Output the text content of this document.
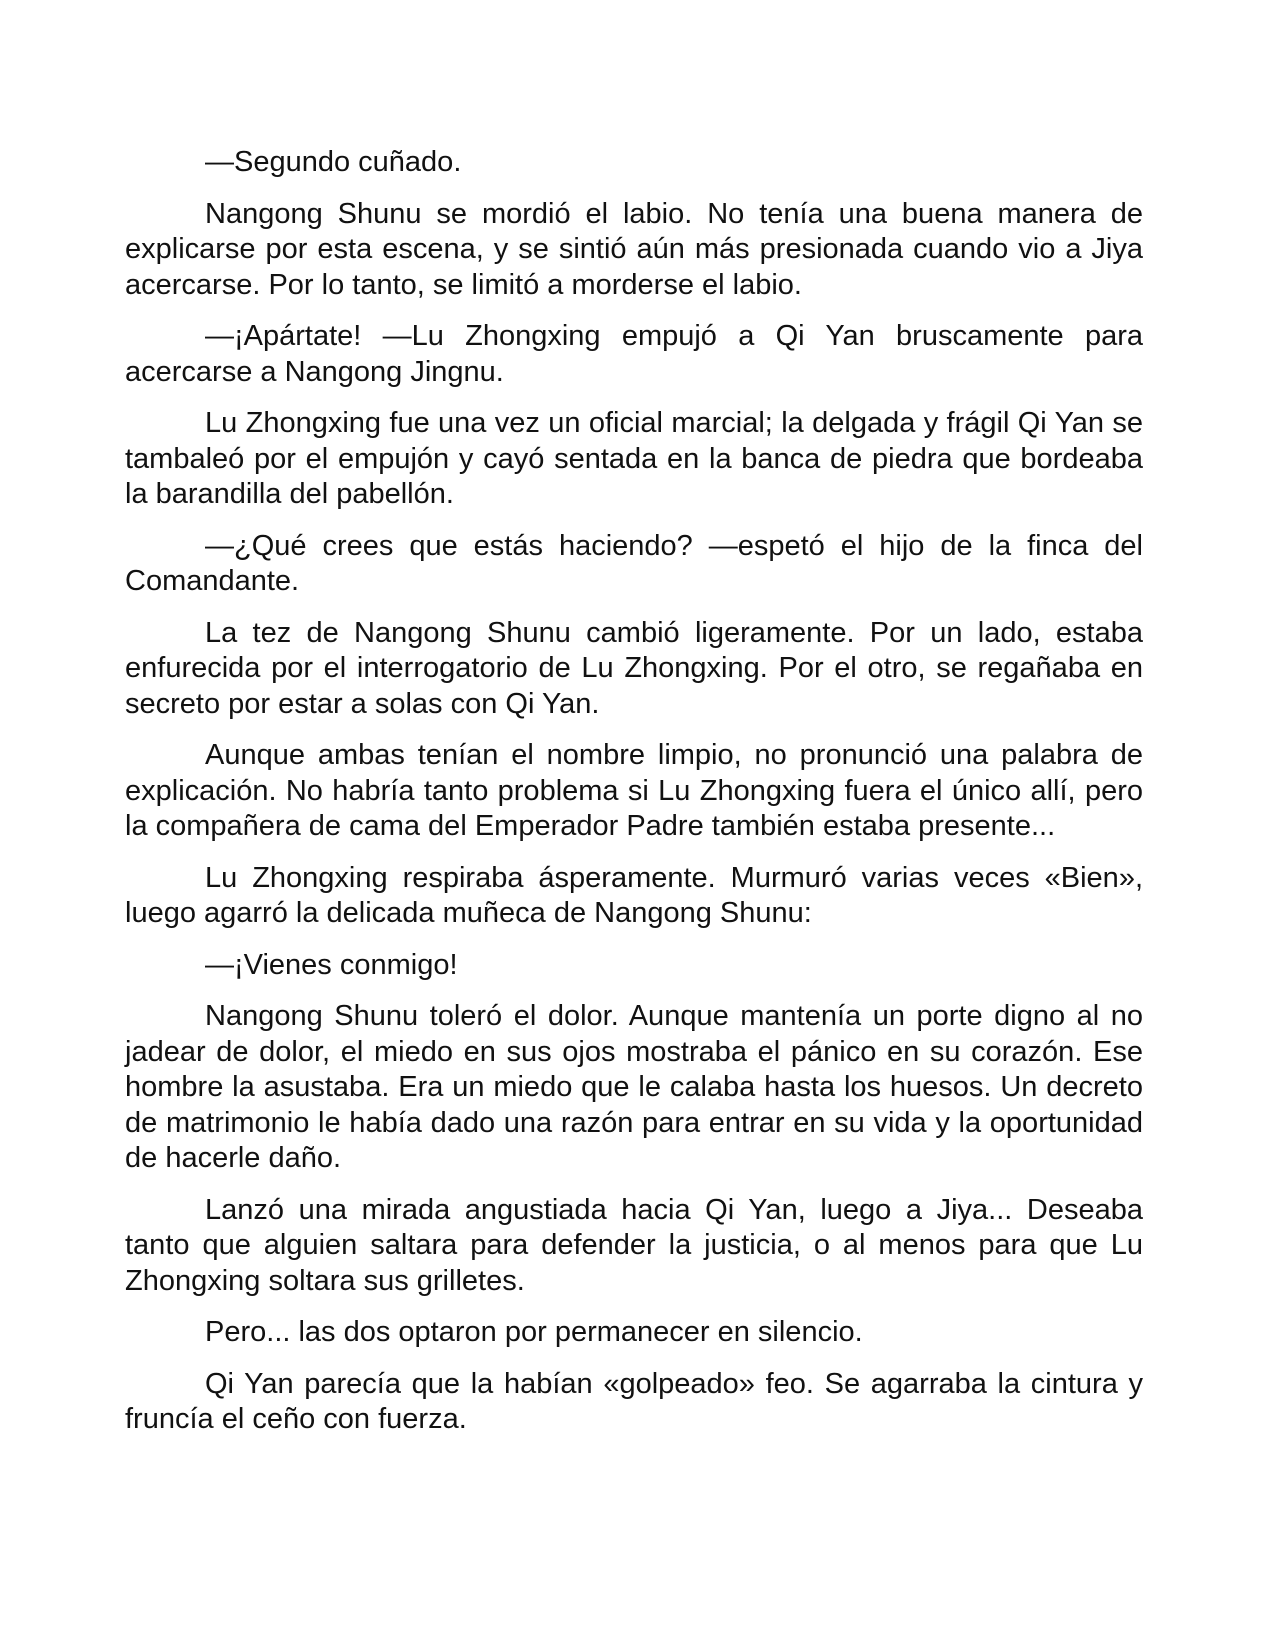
—Segundo cuñado.

Nangong Shunu se mordió el labio. No tenía una buena manera de explicarse por esta escena, y se sintió aún más presionada cuando vio a Jiya acercarse. Por lo tanto, se limitó a morderse el labio.

—¡Apártate! —Lu Zhongxing empujó a Qi Yan bruscamente para acercarse a Nangong Jingnu.

Lu Zhongxing fue una vez un oficial marcial; la delgada y frágil Qi Yan se tambaleó por el empujón y cayó sentada en la banca de piedra que bordeaba la barandilla del pabellón.

—¿Qué crees que estás haciendo? —espetó el hijo de la finca del Comandante.

La tez de Nangong Shunu cambió ligeramente. Por un lado, estaba enfurecida por el interrogatorio de Lu Zhongxing. Por el otro, se regañaba en secreto por estar a solas con Qi Yan.

Aunque ambas tenían el nombre limpio, no pronunció una palabra de explicación. No habría tanto problema si Lu Zhongxing fuera el único allí, pero la compañera de cama del Emperador Padre también estaba presente...

Lu Zhongxing respiraba ásperamente. Murmuró varias veces «Bien», luego agarró la delicada muñeca de Nangong Shunu:

—¡Vienes conmigo!

Nangong Shunu toleró el dolor. Aunque mantenía un porte digno al no jadear de dolor, el miedo en sus ojos mostraba el pánico en su corazón. Ese hombre la asustaba. Era un miedo que le calaba hasta los huesos. Un decreto de matrimonio le había dado una razón para entrar en su vida y la oportunidad de hacerle daño.

Lanzó una mirada angustiada hacia Qi Yan, luego a Jiya... Deseaba tanto que alguien saltara para defender la justicia, o al menos para que Lu Zhongxing soltara sus grilletes.

Pero... las dos optaron por permanecer en silencio.

Qi Yan parecía que la habían «golpeado» feo. Se agarraba la cintura y fruncía el ceño con fuerza.
